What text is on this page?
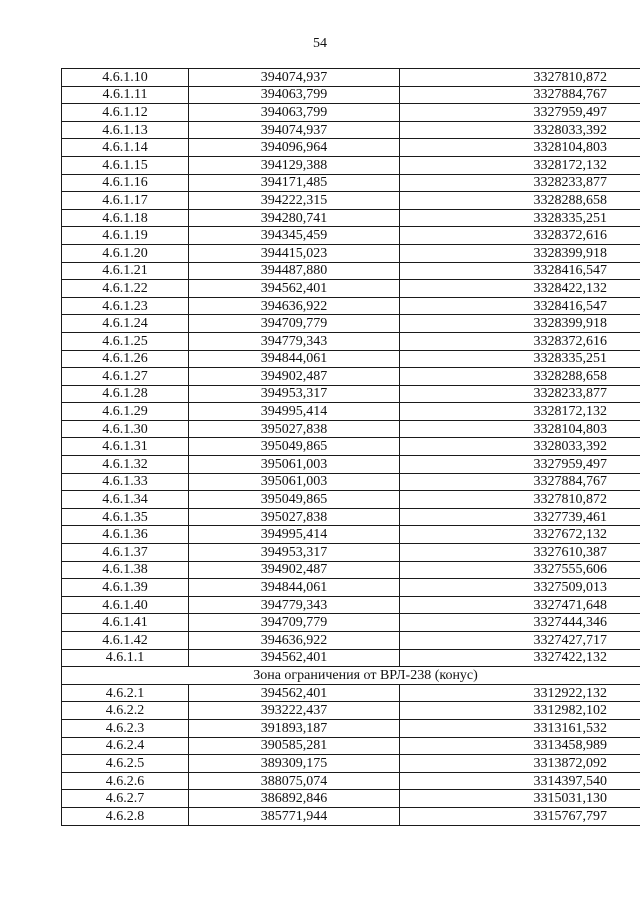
54
4.6.1.10	394074,937	3327810,872
4.6.1.11	394063,799	3327884,767
4.6.1.12	394063,799	3327959,497
4.6.1.13	394074,937	3328033,392
4.6.1.14	394096,964	3328104,803
4.6.1.15	394129,388	3328172,132
4.6.1.16	394171,485	3328233,877
4.6.1.17	394222,315	3328288,658
4.6.1.18	394280,741	3328335,251
4.6.1.19	394345,459	3328372,616
4.6.1.20	394415,023	3328399,918
4.6.1.21	394487,880	3328416,547
4.6.1.22	394562,401	3328422,132
4.6.1.23	394636,922	3328416,547
4.6.1.24	394709,779	3328399,918
4.6.1.25	394779,343	3328372,616
4.6.1.26	394844,061	3328335,251
4.6.1.27	394902,487	3328288,658
4.6.1.28	394953,317	3328233,877
4.6.1.29	394995,414	3328172,132
4.6.1.30	395027,838	3328104,803
4.6.1.31	395049,865	3328033,392
4.6.1.32	395061,003	3327959,497
4.6.1.33	395061,003	3327884,767
4.6.1.34	395049,865	3327810,872
4.6.1.35	395027,838	3327739,461
4.6.1.36	394995,414	3327672,132
4.6.1.37	394953,317	3327610,387
4.6.1.38	394902,487	3327555,606
4.6.1.39	394844,061	3327509,013
4.6.1.40	394779,343	3327471,648
4.6.1.41	394709,779	3327444,346
4.6.1.42	394636,922	3327427,717
4.6.1.1	394562,401	3327422,132
Зона ограничения от ВРЛ-238 (конус)		
4.6.2.1	394562,401	3312922,132
4.6.2.2	393222,437	3312982,102
4.6.2.3	391893,187	3313161,532
4.6.2.4	390585,281	3313458,989
4.6.2.5	389309,175	3313872,092
4.6.2.6	388075,074	3314397,540
4.6.2.7	386892,846	3315031,130
4.6.2.8	385771,944	3315767,797
